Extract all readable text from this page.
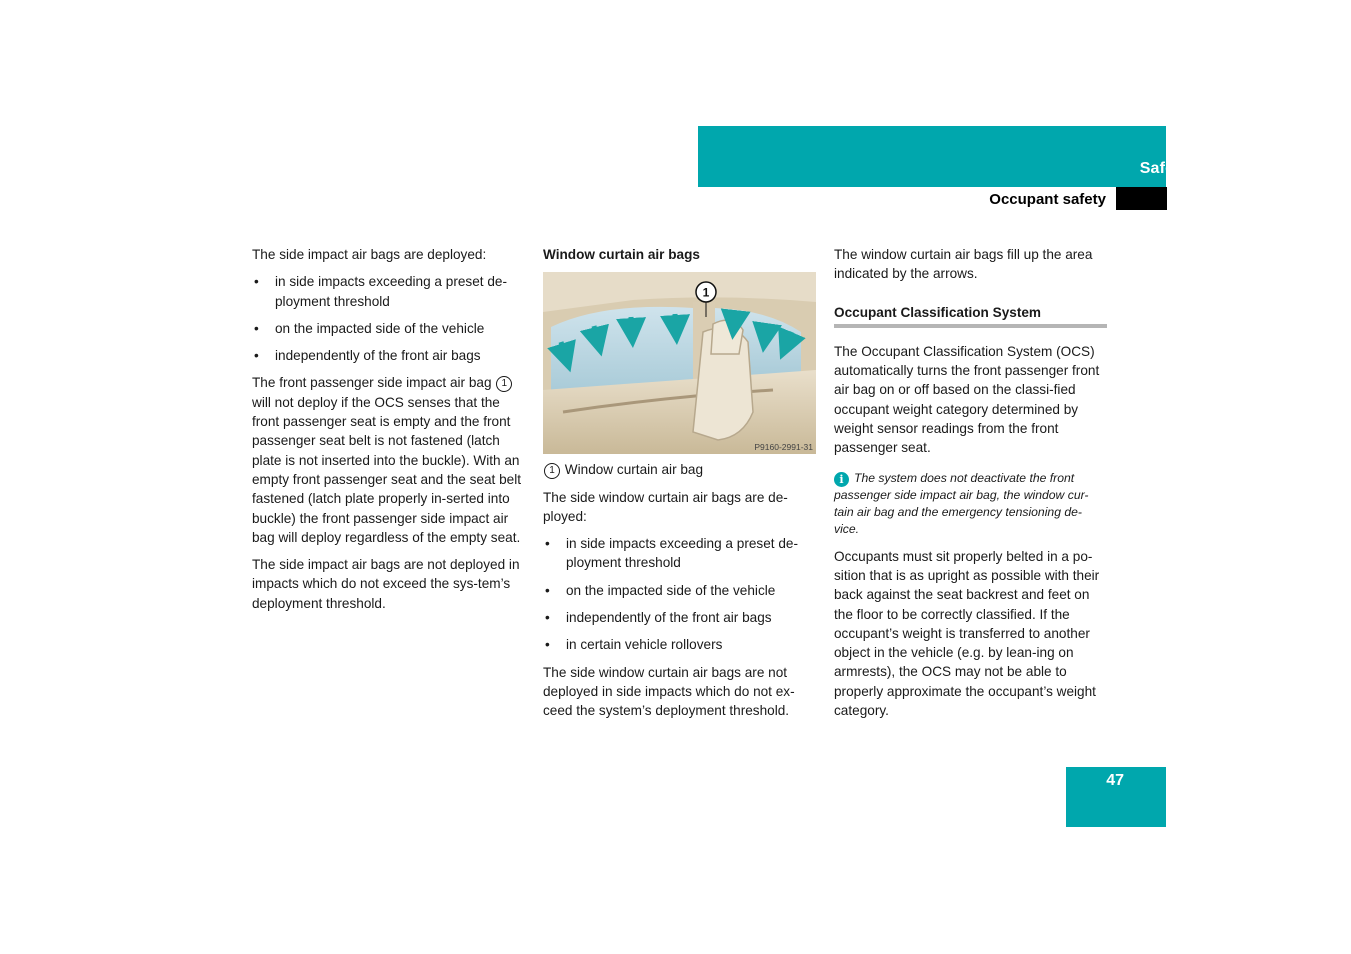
Safety and Security
Occupant safety

The side impact air bags are deployed:

• in side impacts exceeding a preset de-ployment threshold
• on the impacted side of the vehicle
• independently of the front air bags

The front passenger side impact air bag 1 will not deploy if the OCS senses that the front passenger seat is empty and the front passenger seat belt is not fastened (latch plate is not inserted into the buckle). With an empty front passenger seat and the seat belt fastened (latch plate properly in-serted into buckle) the front passenger side impact air bag will deploy regardless of the empty seat.

The side impact air bags are not deployed in impacts which do not exceed the sys-tem’s deployment threshold.

Window curtain air bags
1
P9160-2991-31
1 Window curtain air bag

The side window curtain air bags are de-ployed:

• in side impacts exceeding a preset de-ployment threshold
• on the impacted side of the vehicle
• independently of the front air bags
• in certain vehicle rollovers

The side window curtain air bags are not deployed in side impacts which do not ex-ceed the system’s deployment threshold.

The window curtain air bags fill up the area indicated by the arrows.

Occupant Classification System

The Occupant Classification System (OCS) automatically turns the front passenger front air bag on or off based on the classi-fied occupant weight category determined by weight sensor readings from the front passenger seat.

i The system does not deactivate the front passenger side impact air bag, the window cur-tain air bag and the emergency tensioning de-vice.

Occupants must sit properly belted in a po-sition that is as upright as possible with their back against the seat backrest and feet on the floor to be correctly classified. If the occupant’s weight is transferred to another object in the vehicle (e.g. by lean-ing on armrests), the OCS may not be able to properly approximate the occupant’s weight category.

47
